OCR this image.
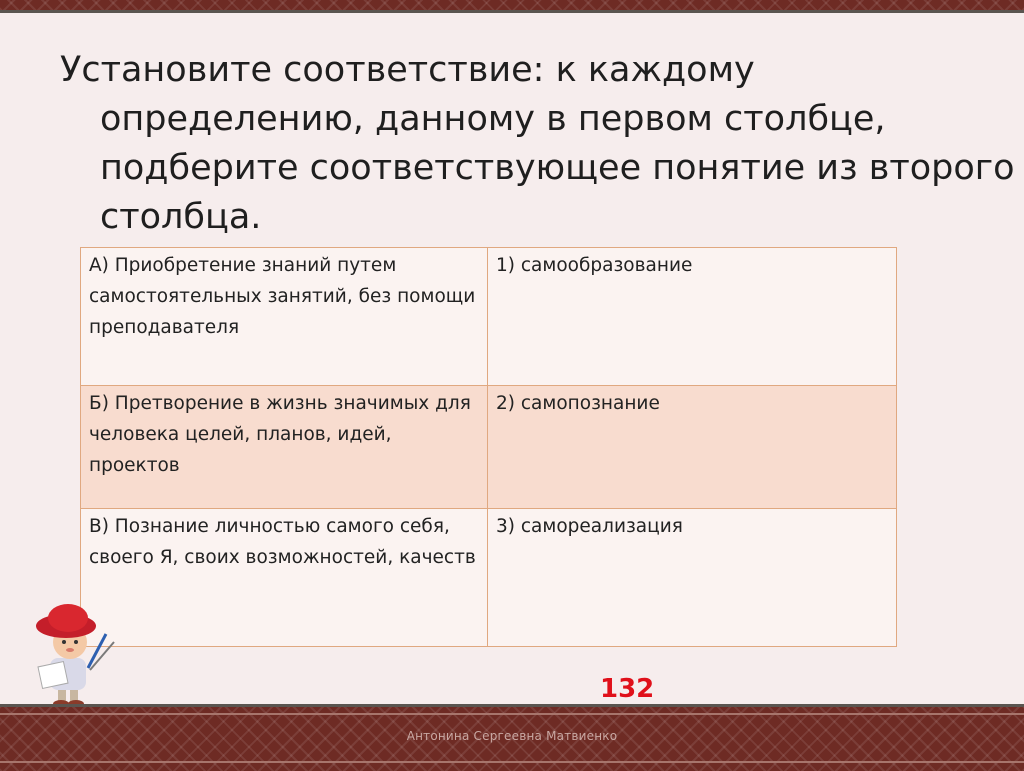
Установите соответствие: к каждому определению, данному в первом столбце, подберите соответствующее понятие из второго столбца.
А) Приобретение знаний путем самостоятельных занятий, без помощи преподавателя	1) самообразование
Б) Претворение в жизнь значимых для человека целей, планов, идей, проектов	2) самопознание
В) Познание личностью самого себя, своего Я, своих возможностей, качеств	3) самореализация
132
Антонина Сергеевна Матвиенко
